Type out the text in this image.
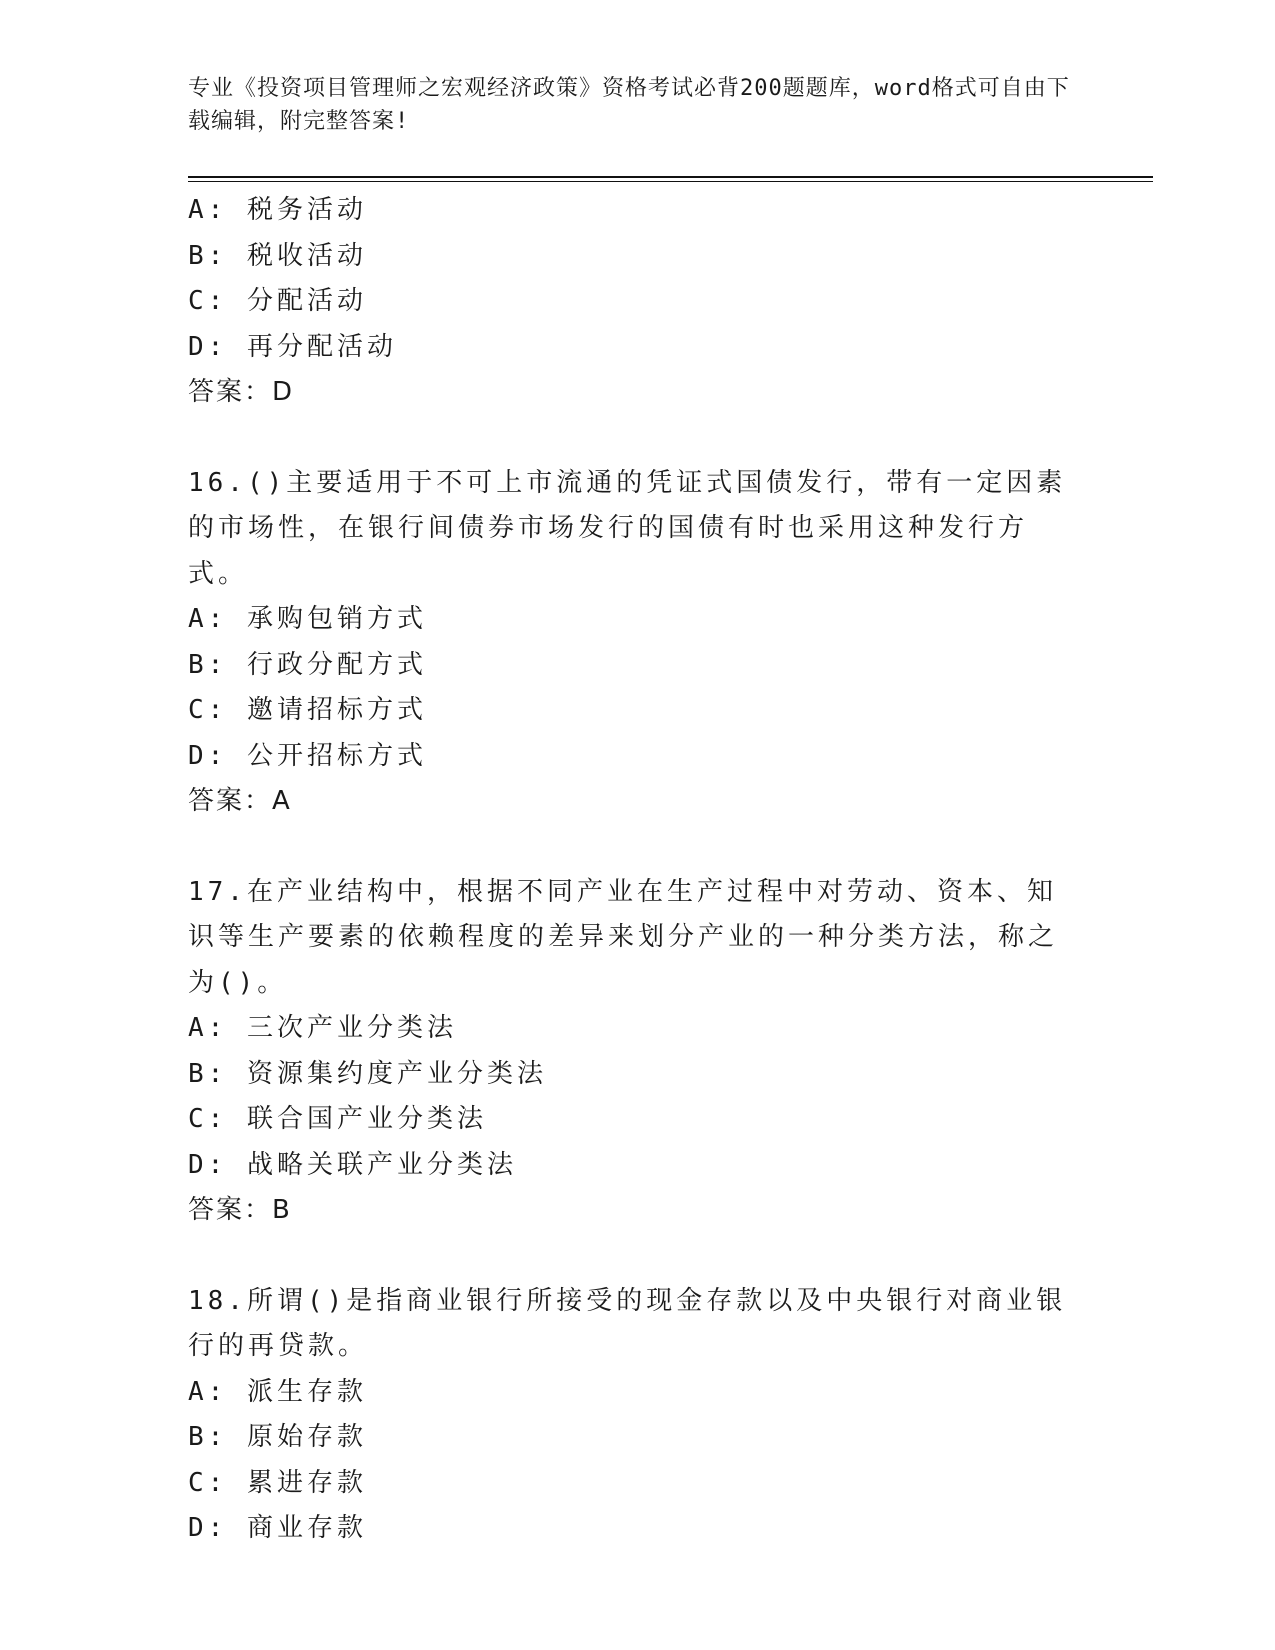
专业《投资项目管理师之宏观经济政策》资格考试必背200题题库，word格式可自由下载编辑，附完整答案!
A: 税务活动
B: 税收活动
C: 分配活动
D: 再分配活动
答案：D
16.()主要适用于不可上市流通的凭证式国债发行，带有一定因素的市场性，在银行间债券市场发行的国债有时也采用这种发行方式。
A: 承购包销方式
B: 行政分配方式
C: 邀请招标方式
D: 公开招标方式
答案：A
17.在产业结构中，根据不同产业在生产过程中对劳动、资本、知识等生产要素的依赖程度的差异来划分产业的一种分类方法，称之为()。
A: 三次产业分类法
B: 资源集约度产业分类法
C: 联合国产业分类法
D: 战略关联产业分类法
答案：B
18.所谓()是指商业银行所接受的现金存款以及中央银行对商业银行的再贷款。
A: 派生存款
B: 原始存款
C: 累进存款
D: 商业存款
